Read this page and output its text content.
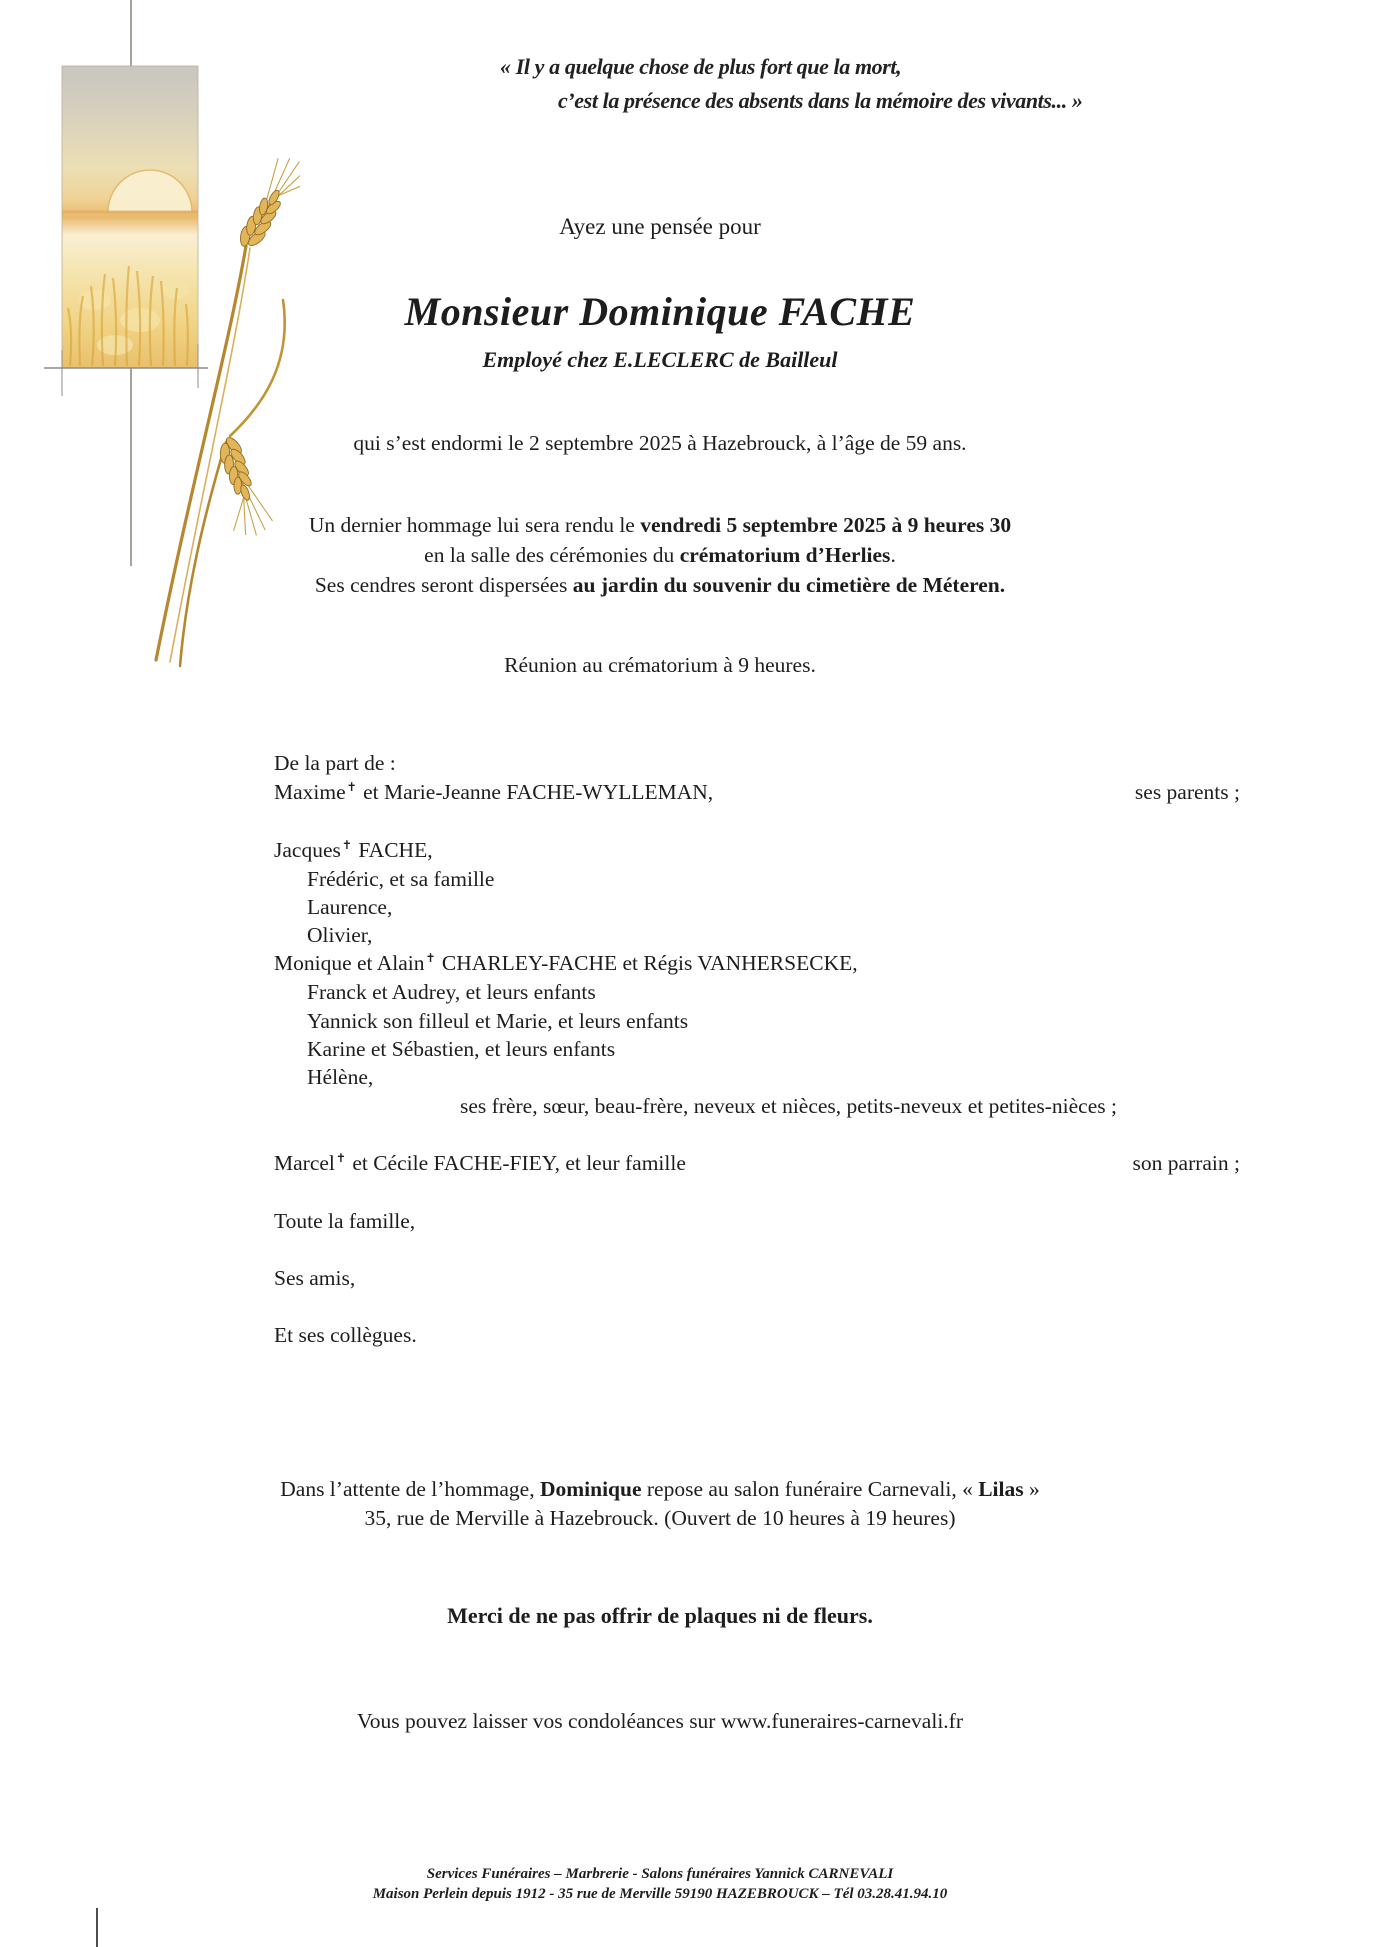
« Il y a quelque chose de plus fort que la mort,
c’est la présence des absents dans la mémoire des vivants... »
Ayez une pensée pour
Monsieur Dominique FACHE
Employé chez E.LECLERC de Bailleul
qui s’est endormi le 2 septembre 2025 à Hazebrouck, à l’âge de 59 ans.
Un dernier hommage lui sera rendu le vendredi 5 septembre 2025 à 9 heures 30
en la salle des cérémonies du crématorium d’Herlies.
Ses cendres seront dispersées au jardin du souvenir du cimetière de Méteren.
Réunion au crématorium à 9 heures.
De la part de :
Maxime✝ et Marie-Jeanne FACHE-WYLLEMAN,	ses parents ;
Jacques✝ FACHE,
Frédéric, et sa famille
Laurence,
Olivier,
Monique et Alain✝ CHARLEY-FACHE et Régis VANHERSECKE,
Franck et Audrey, et leurs enfants
Yannick son filleul et Marie, et leurs enfants
Karine et Sébastien, et leurs enfants
Hélène,
ses frère, sœur, beau-frère, neveux et nièces, petits-neveux et petites-nièces ;
Marcel✝ et Cécile FACHE-FIEY, et leur famille	son parrain ;
Toute la famille,
Ses amis,
Et ses collègues.
Dans l’attente de l’hommage, Dominique repose au salon funéraire Carnevali, « Lilas »
35, rue de Merville à Hazebrouck. (Ouvert de 10 heures à 19 heures)
Merci de ne pas offrir de plaques ni de fleurs.
Vous pouvez laisser vos condoléances sur www.funeraires-carnevali.fr
Services Funéraires – Marbrerie - Salons funéraires Yannick CARNEVALI
Maison Perlein depuis 1912 - 35 rue de Merville 59190 HAZEBROUCK – Tél 03.28.41.94.10
